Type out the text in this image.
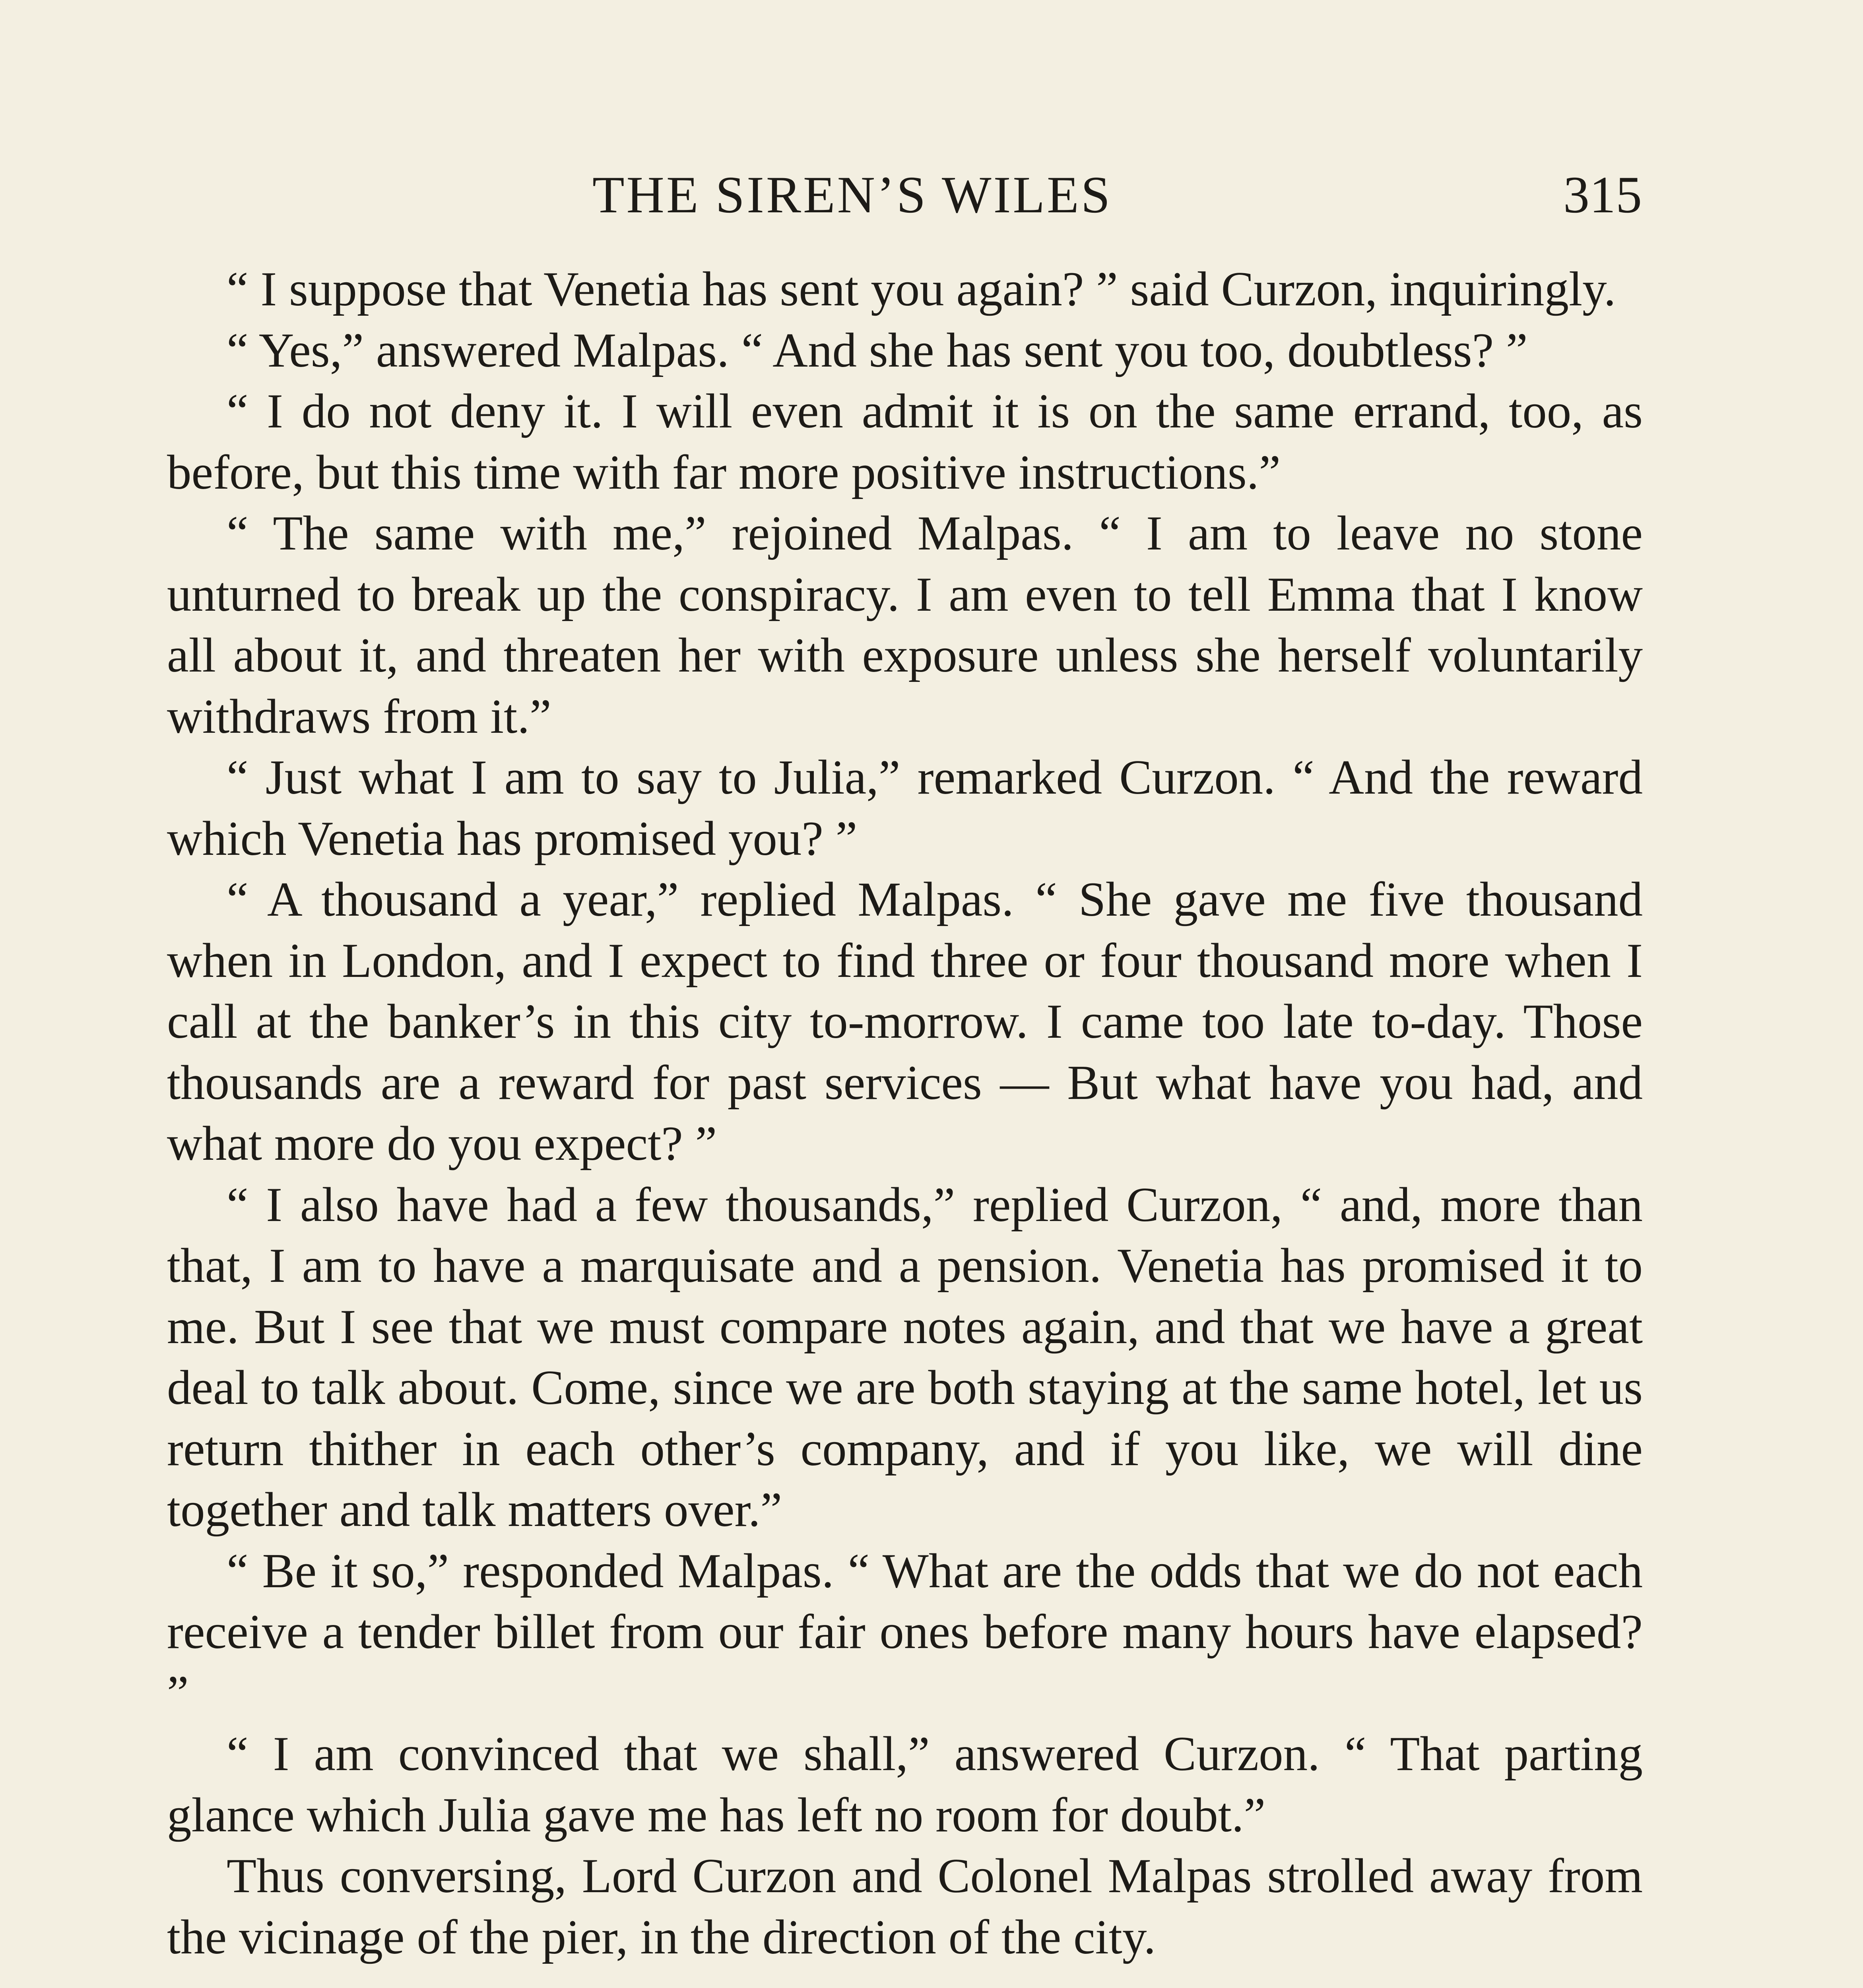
THE SIREN’S WILES	315

“ I suppose that Venetia has sent you again? ” said Curzon, inquiringly.

“ Yes,” answered Malpas. “ And she has sent you too, doubtless? ”

“ I do not deny it. I will even admit it is on the same errand, too, as before, but this time with far more positive instructions.”

“ The same with me,” rejoined Malpas. “ I am to leave no stone unturned to break up the conspiracy. I am even to tell Emma that I know all about it, and threaten her with exposure unless she herself voluntarily withdraws from it.”

“ Just what I am to say to Julia,” remarked Curzon. “ And the reward which Venetia has promised you? ”

“ A thousand a year,” replied Malpas. “ She gave me five thousand when in London, and I expect to find three or four thousand more when I call at the banker’s in this city to-morrow. I came too late to-day. Those thousands are a reward for past services — But what have you had, and what more do you expect? ”

“ I also have had a few thousands,” replied Curzon, “ and, more than that, I am to have a marquisate and a pension. Venetia has promised it to me. But I see that we must compare notes again, and that we have a great deal to talk about. Come, since we are both staying at the same hotel, let us return thither in each other’s company, and if you like, we will dine together and talk matters over.”

“ Be it so,” responded Malpas. “ What are the odds that we do not each receive a tender billet from our fair ones before many hours have elapsed? ”

“ I am convinced that we shall,” answered Curzon. “ That parting glance which Julia gave me has left no room for doubt.”

Thus conversing, Lord Curzon and Colonel Malpas strolled away from the vicinage of the pier, in the direction of the city.
